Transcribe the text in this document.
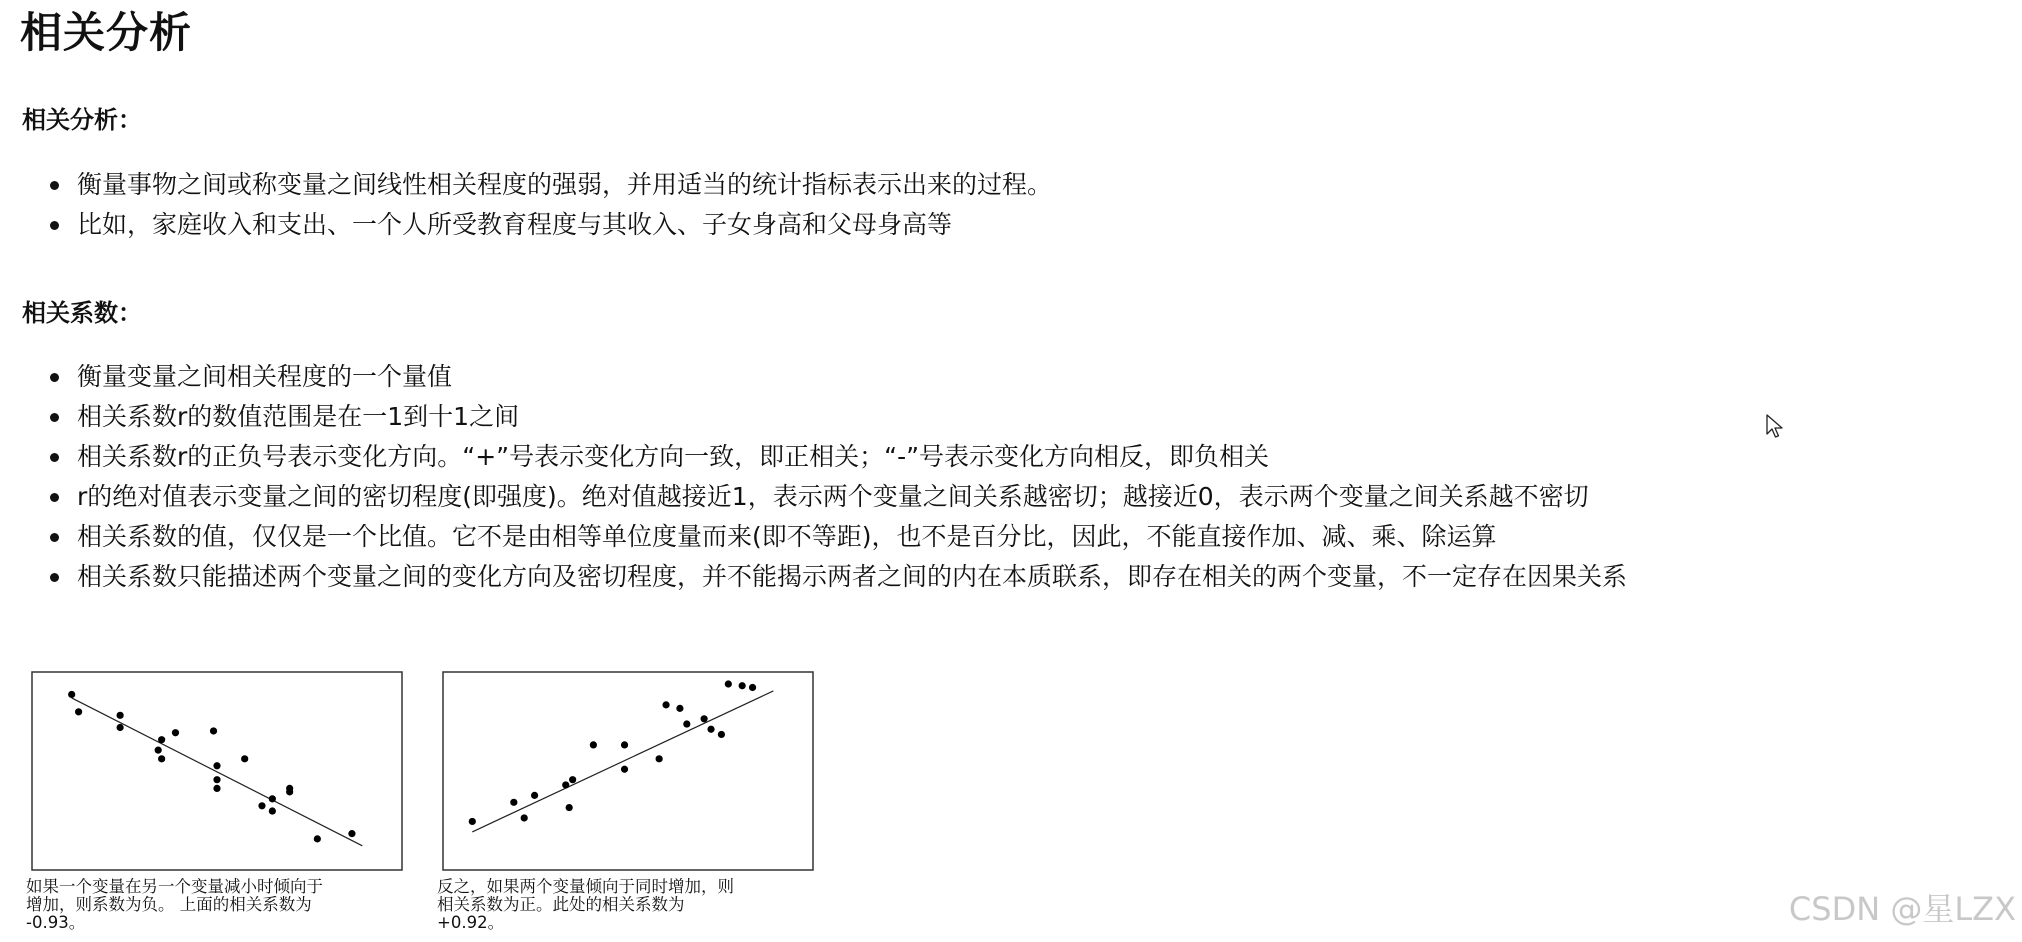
相关分析
相关分析：
衡量事物之间或称变量之间线性相关程度的强弱，并用适当的统计指标表示出来的过程。
比如，家庭收入和支出、一个人所受教育程度与其收入、子女身高和父母身高等
相关系数：
衡量变量之间相关程度的一个量值
相关系数r的数值范围是在一1到十1之间
相关系数r的正负号表示变化方向。“+”号表示变化方向一致，即正相关；“-”号表示变化方向相反，即负相关
r的绝对值表示变量之间的密切程度(即强度)。绝对值越接近1，表示两个变量之间关系越密切；越接近0，表示两个变量之间关系越不密切
相关系数的值，仅仅是一个比值。它不是由相等单位度量而来(即不等距)，也不是百分比，因此，不能直接作加、减、乘、除运算
相关系数只能描述两个变量之间的变化方向及密切程度，并不能揭示两者之间的内在本质联系，即存在相关的两个变量，不一定存在因果关系

如果一个变量在另一个变量减小时倾向于
增加，则系数为负。 上面的相关系数为
-0.93。

反之，如果两个变量倾向于同时增加，则
相关系数为正。此处的相关系数为
+0.92。	CSDN @星LZX
